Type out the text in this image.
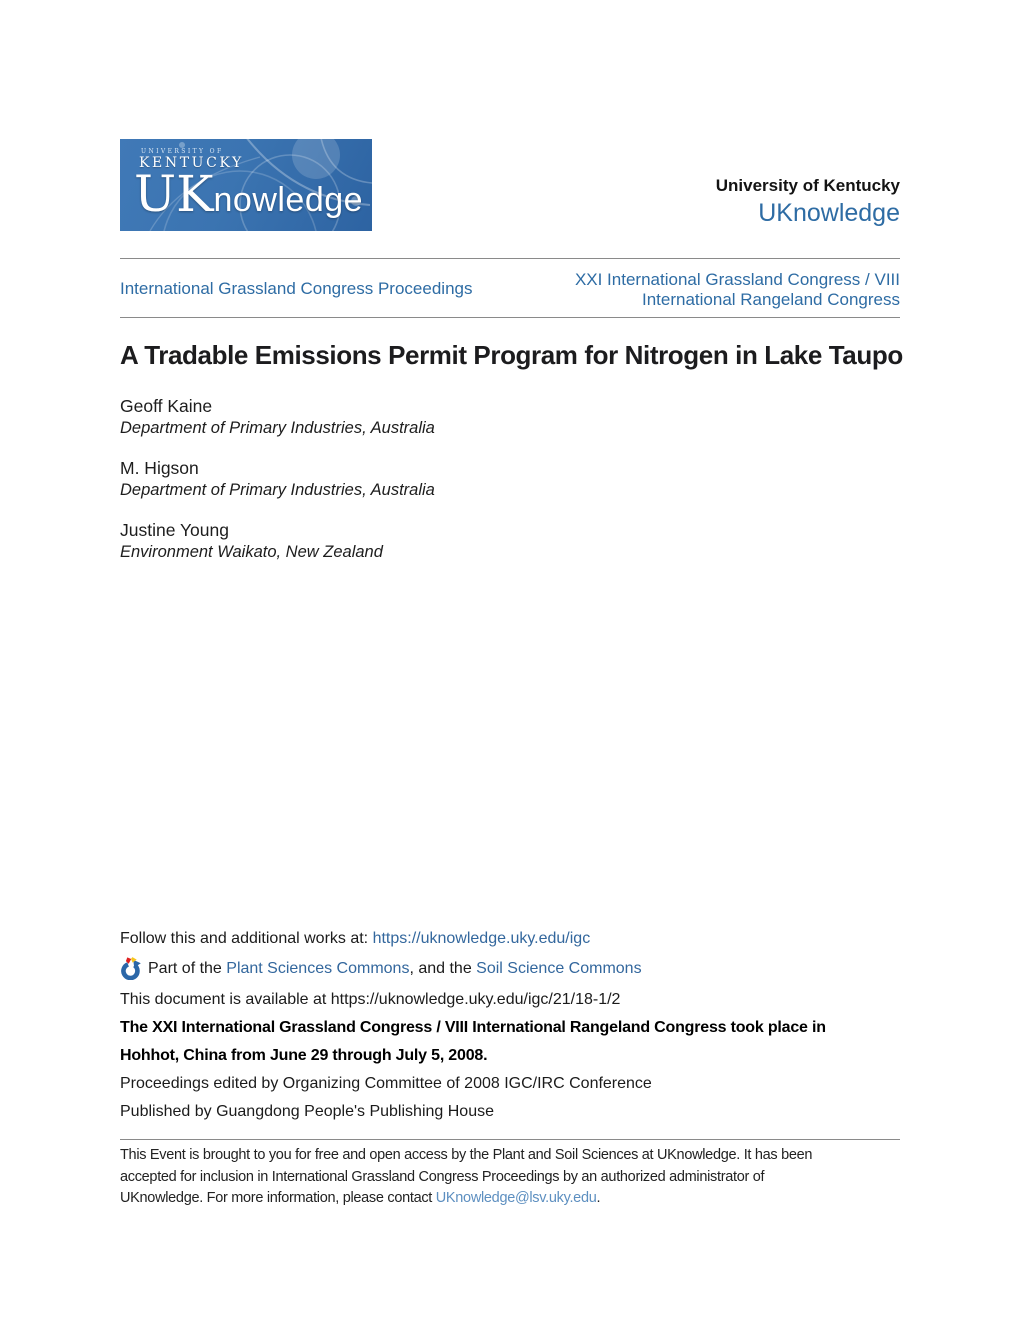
UNIVERSITY OF
KENTUCKY
UKnowledge	University of Kentucky
UKnowledge
International Grassland Congress Proceedings	XXI International Grassland Congress / VIII
International Rangeland Congress
A Tradable Emissions Permit Program for Nitrogen in Lake Taupo
Geoff Kaine
Department of Primary Industries, Australia
M. Higson
Department of Primary Industries, Australia
Justine Young
Environment Waikato, New Zealand
Follow this and additional works at: https://uknowledge.uky.edu/igc
Part of the Plant Sciences Commons, and the Soil Science Commons
This document is available at https://uknowledge.uky.edu/igc/21/18-1/2
The XXI International Grassland Congress / VIII International Rangeland Congress took place in
Hohhot, China from June 29 through July 5, 2008.
Proceedings edited by Organizing Committee of 2008 IGC/IRC Conference
Published by Guangdong People's Publishing House
This Event is brought to you for free and open access by the Plant and Soil Sciences at UKnowledge. It has been
accepted for inclusion in International Grassland Congress Proceedings by an authorized administrator of
UKnowledge. For more information, please contact UKnowledge@lsv.uky.edu.
